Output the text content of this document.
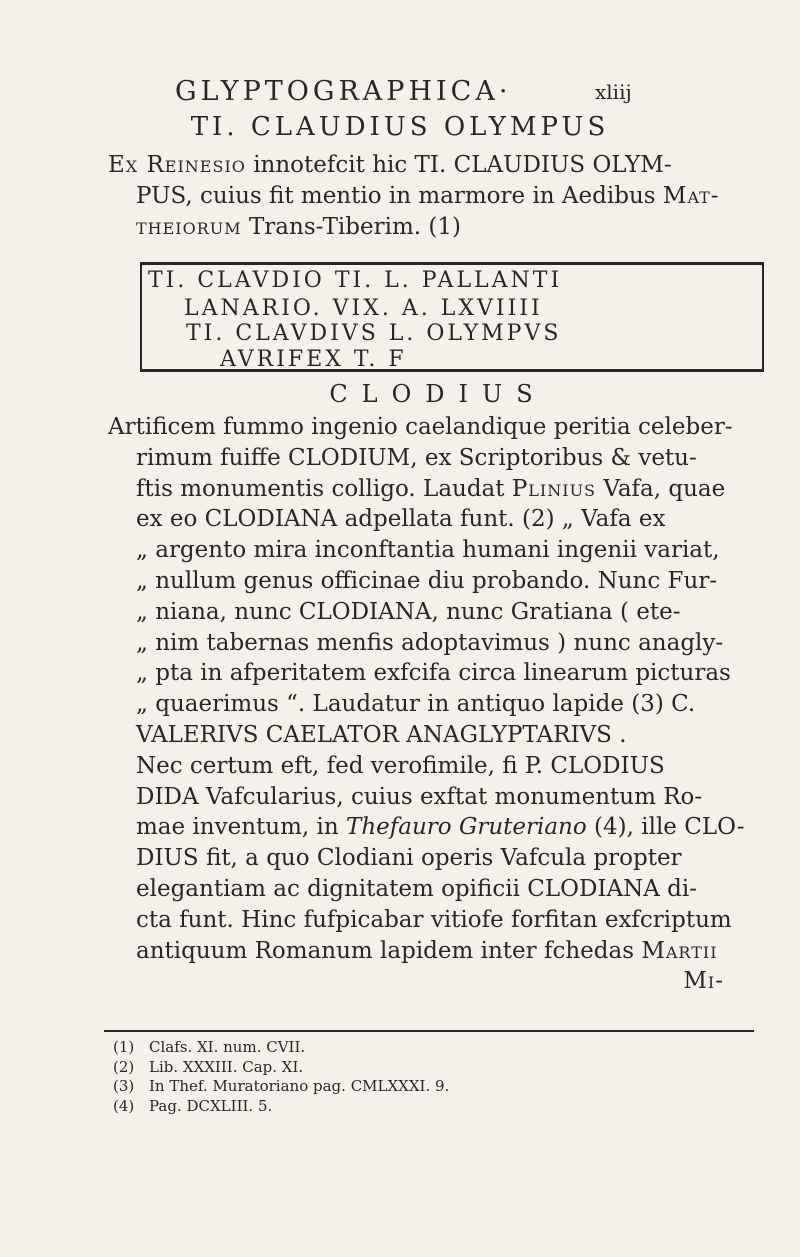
GLYPTOGRAPHICA·	xliij
TI. CLAUDIUS OLYMPUS
Ex Reinesio innotefcit hic TI. CLAUDIUS OLYM-
PUS, cuius fit mentio in marmore in Aedibus Mat-
theiorum Trans-Tiberim. (1)
TI. CLAVDIO TI. L. PALLANTI
LANARIO. VIX. A. LXVIIII
TI. CLAVDIVS L. OLYMPVS
AVRIFEX T. F
CLODIUS
Artificem fummo ingenio caelandique peritia celeber-
rimum fuiffe CLODIUM, ex Scriptoribus & vetu-
ftis monumentis colligo. Laudat Plinius Vafa, quae
ex eo CLODIANA adpellata funt. (2) „ Vafa ex
„ argento mira inconftantia humani ingenii variat,
„ nullum genus officinae diu probando. Nunc Fur-
„ niana, nunc CLODIANA, nunc Gratiana ( ete-
„ nim tabernas menfis adoptavimus ) nunc anagly-
„ pta in afperitatem exfcifa circa linearum picturas
„ quaerimus “. Laudatur in antiquo lapide (3) C.
VALERIVS CAELATOR ANAGLYPTARIVS .
Nec certum eft, fed verofimile, fi P. CLODIUS
DIDA Vafcularius, cuius exftat monumentum Ro-
mae inventum, in Thefauro Gruteriano (4), ille CLO-
DIUS fit, a quo Clodiani operis Vafcula propter
elegantiam ac dignitatem opificii CLODIANA di-
cta funt. Hinc fufpicabar vitiofe forfitan exfcriptum
antiquum Romanum lapidem inter fchedas Martii
Mi-
(1) Clafs. XI. num. CVII.
(2) Lib. XXXIII. Cap. XI.
(3) In Thef. Muratoriano pag. CMLXXXI. 9.
(4) Pag. DCXLIII. 5.
